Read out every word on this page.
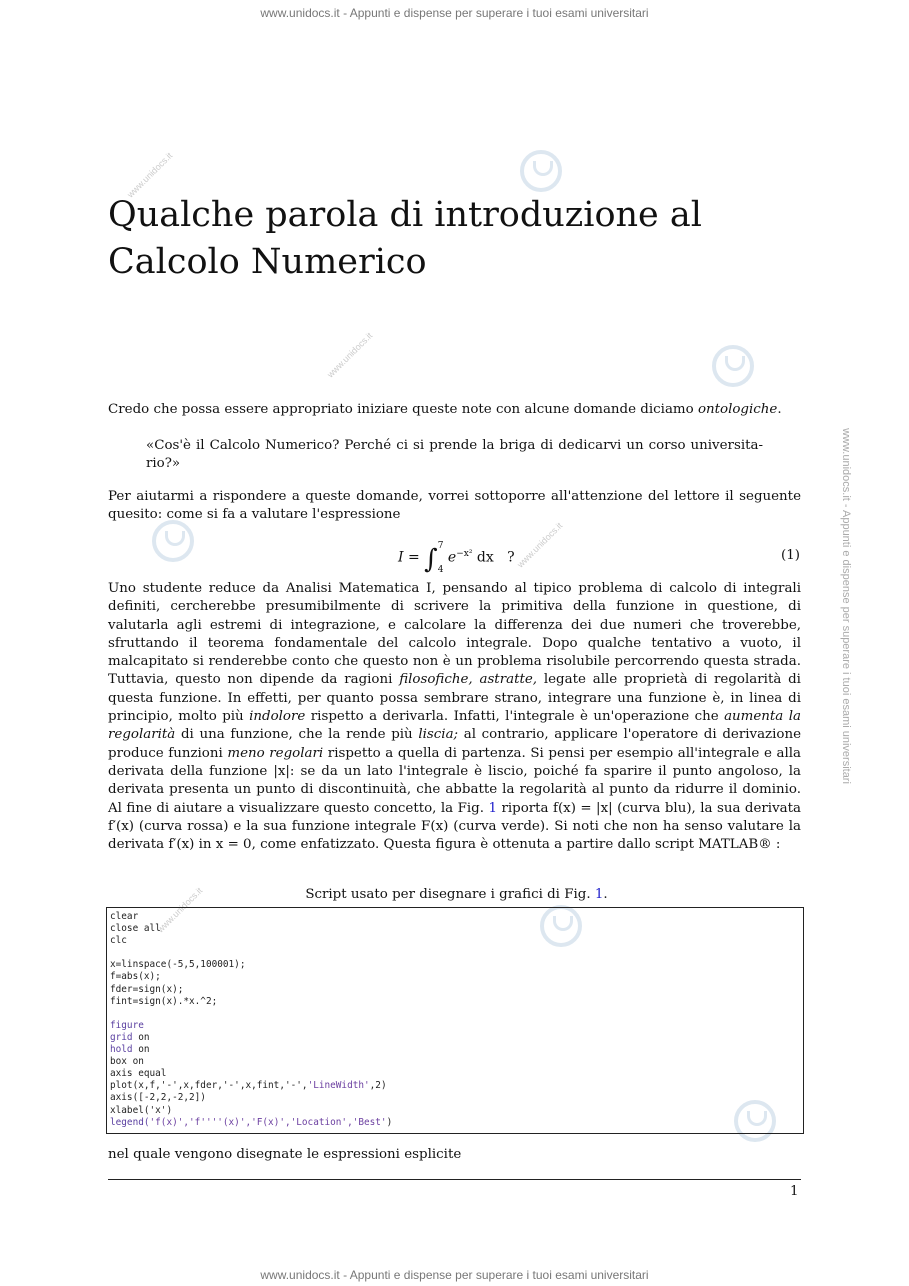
www.unidocs.it - Appunti e dispense per superare i tuoi esami universitari
www.unidocs.it - Appunti e dispense per superare i tuoi esami universitari
www.unidocs.it - Appunti e dispense per superare i tuoi esami universitari
www.unidocs.it
www.unidocs.it
www.unidocs.it
www.unidocs.it
Qualche parola di introduzione al
Calcolo Numerico

Credo che possa essere appropriato iniziare queste note con alcune domande diciamo ontologiche.

«Cos'è il Calcolo Numerico? Perché ci si prende la briga di dedicarvi un corso universita-rio?»

Per aiutarmi a rispondere a queste domande, vorrei sottoporre all'attenzione del lettore il seguente quesito: come si fa a valutare l'espressione

I = ∫$^7$
$_4$ $e^{-x^2}$ dx ?	(1)

Uno studente reduce da Analisi Matematica I, pensando al tipico problema di calcolo di integrali definiti, cercherebbe presumibilmente di scrivere la primitiva della funzione in questione, di valutarla agli estremi di integrazione, e calcolare la differenza dei due numeri che troverebbe, sfruttando il teorema fondamentale del calcolo integrale. Dopo qualche tentativo a vuoto, il malcapitato si renderebbe conto che questo non è un problema risolubile percorrendo questa strada. Tuttavia, questo non dipende da ragioni filosofiche, astratte, legate alle proprietà di regolarità di questa funzione. In effetti, per quanto possa sembrare strano, integrare una funzione è, in linea di principio, molto più indolore rispetto a derivarla. Infatti, l'integrale è un'operazione che aumenta la regolarità di una funzione, che la rende più liscia; al contrario, applicare l'operatore di derivazione produce funzioni meno regolari rispetto a quella di partenza. Si pensi per esempio all'integrale e alla derivata della funzione |x|: se da un lato l'integrale è liscio, poiché fa sparire il punto angoloso, la derivata presenta un punto di discontinuità, che abbatte la regolarità al punto da ridurre il dominio. Al fine di aiutare a visualizzare questo concetto, la Fig. 1 riporta f(x) = |x| (curva blu), la sua derivata f′(x) (curva rossa) e la sua funzione integrale F(x) (curva verde). Si noti che non ha senso valutare la derivata f′(x) in x = 0, come enfatizzato. Questa figura è ottenuta a partire dallo script MATLAB® :

Script usato per disegnare i grafici di Fig. 1.
clear
close all
clc

x=linspace(-5,5,100001);
f=abs(x);
fder=sign(x);
fint=sign(x).*x.^2;

figure
grid on
hold on
box on
axis equal
plot(x,f,'-',x,fder,'-',x,fint,'-','LineWidth',2)
axis([-2,2,-2,2])
xlabel('x')
legend('f(x)','f''''(x)','F(x)','Location','Best')

nel quale vengono disegnate le espressioni esplicite

1
